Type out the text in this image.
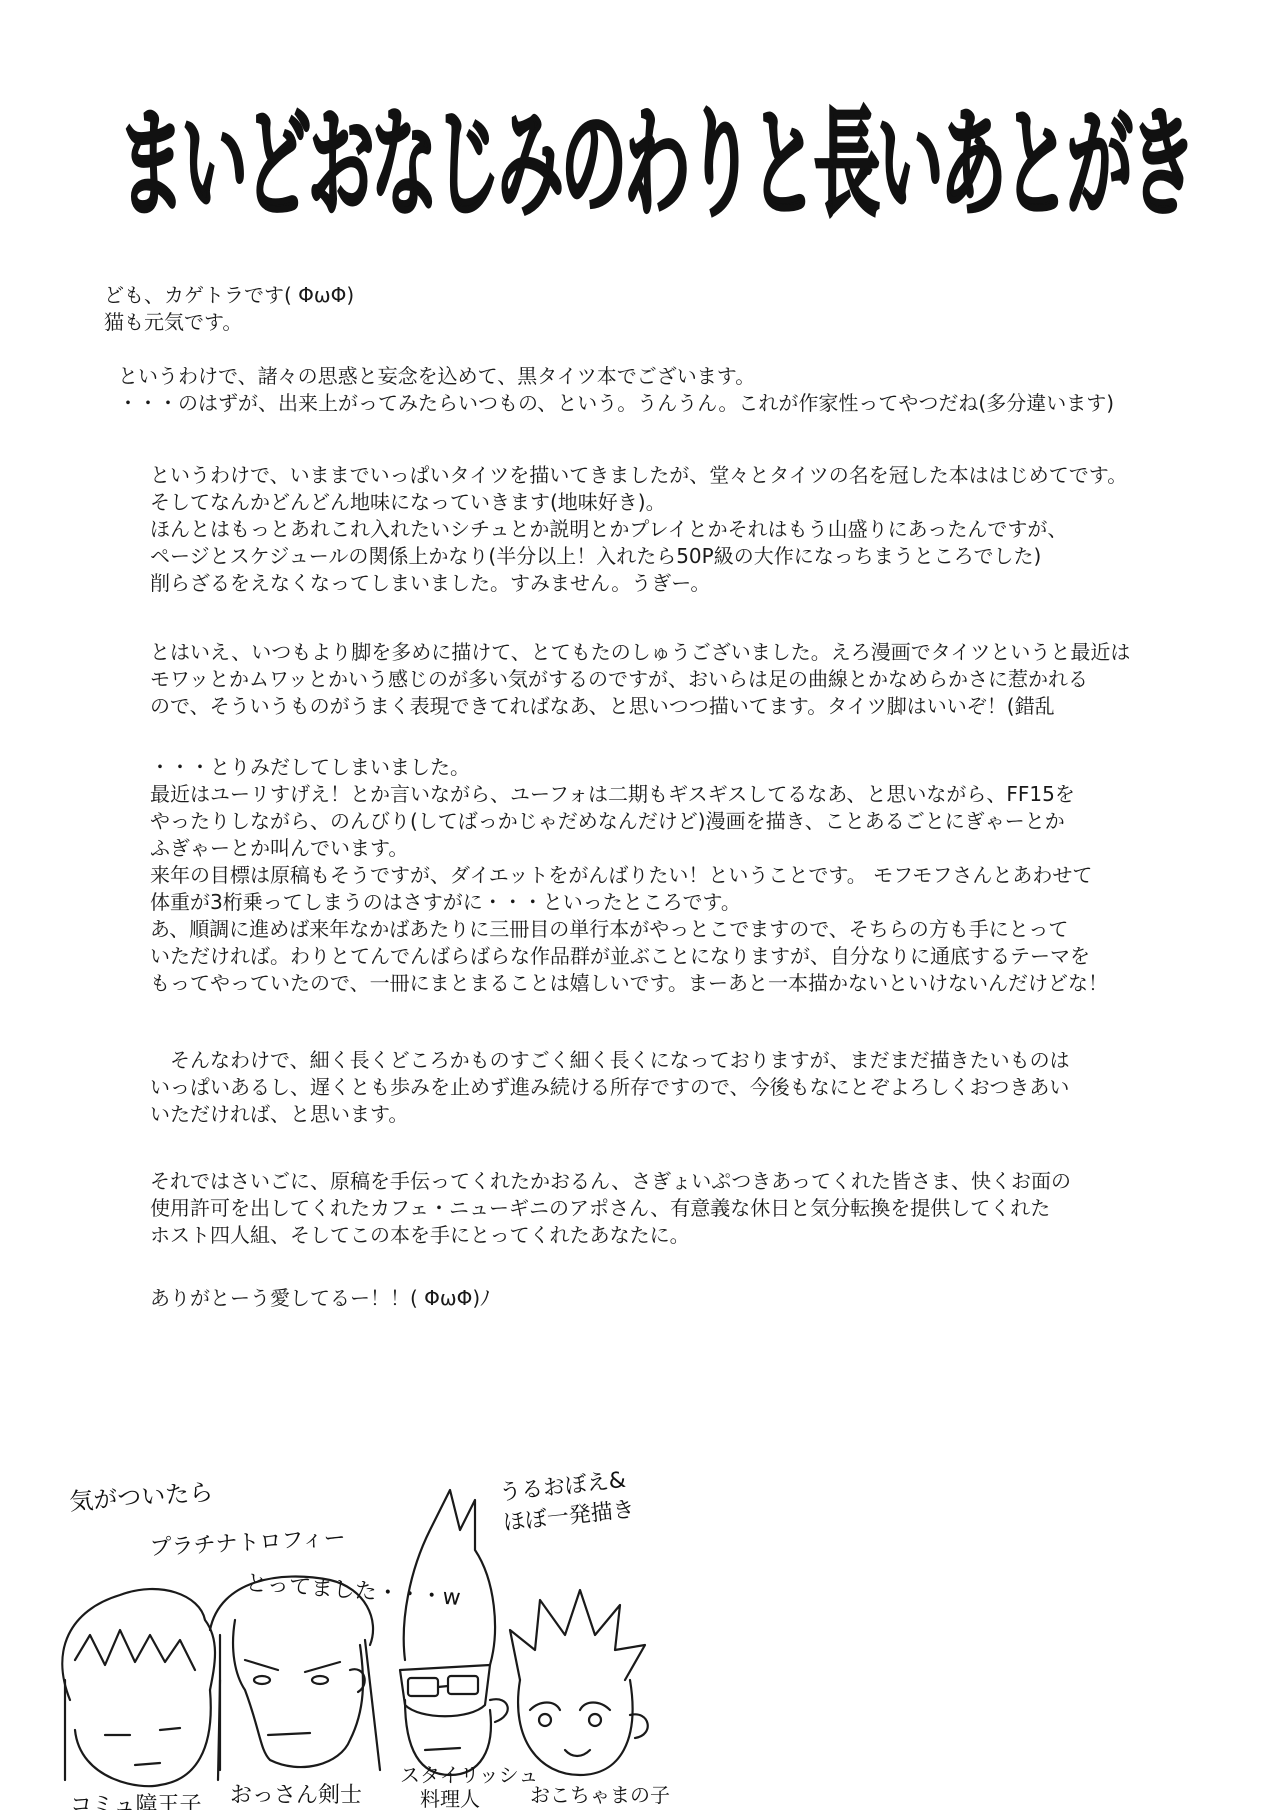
まいどおなじみのわりと長いあとがき
ども、カゲトラです( ΦωΦ)
猫も元気です。
というわけで、諸々の思惑と妄念を込めて、黒タイツ本でございます。
・・・のはずが、出来上がってみたらいつもの、という。うんうん。これが作家性ってやつだね(多分違います)
というわけで、いままでいっぱいタイツを描いてきましたが、堂々とタイツの名を冠した本ははじめてです。
そしてなんかどんどん地味になっていきます(地味好き)。
ほんとはもっとあれこれ入れたいシチュとか説明とかプレイとかそれはもう山盛りにあったんですが、
ページとスケジュールの関係上かなり(半分以上！入れたら50P級の大作になっちまうところでした)
削らざるをえなくなってしまいました。すみません。うぎー。
とはいえ、いつもより脚を多めに描けて、とてもたのしゅうございました。えろ漫画でタイツというと最近は
モワッとかムワッとかいう感じのが多い気がするのですが、おいらは足の曲線とかなめらかさに惹かれる
ので、そういうものがうまく表現できてればなあ、と思いつつ描いてます。タイツ脚はいいぞ！(錯乱
・・・とりみだしてしまいました。
最近はユーリすげえ！とか言いながら、ユーフォは二期もギスギスしてるなあ、と思いながら、FF15を
やったりしながら、のんびり(してばっかじゃだめなんだけど)漫画を描き、ことあるごとにぎゃーとか
ふぎゃーとか叫んでいます。
来年の目標は原稿もそうですが、ダイエットをがんばりたい！ということです。 モフモフさんとあわせて
体重が3桁乗ってしまうのはさすがに・・・といったところです。
あ、順調に進めば来年なかばあたりに三冊目の単行本がやっとこでますので、そちらの方も手にとって
いただければ。わりとてんでんばらばらな作品群が並ぶことになりますが、自分なりに通底するテーマを
もってやっていたので、一冊にまとまることは嬉しいです。まーあと一本描かないといけないんだけどな！
　そんなわけで、細く長くどころかものすごく細く長くになっておりますが、まだまだ描きたいものは
いっぱいあるし、遅くとも歩みを止めず進み続ける所存ですので、今後もなにとぞよろしくおつきあい
いただければ、と思います。
それではさいごに、原稿を手伝ってくれたかおるん、さぎょいぷつきあってくれた皆さま、快くお面の
使用許可を出してくれたカフェ・ニューギニのアポさん、有意義な休日と気分転換を提供してくれた
ホスト四人組、そしてこの本を手にとってくれたあなたに。
ありがとーう愛してるー！！( ΦωΦ)ﾉ
気がついたら
プラチナトロフィー
とってました・・・w
うるおぼえ&
ほぼ一発描き
コミュ障王子 おっさん剣士
スタイリッシュ
料理人	おこちゃまの子
